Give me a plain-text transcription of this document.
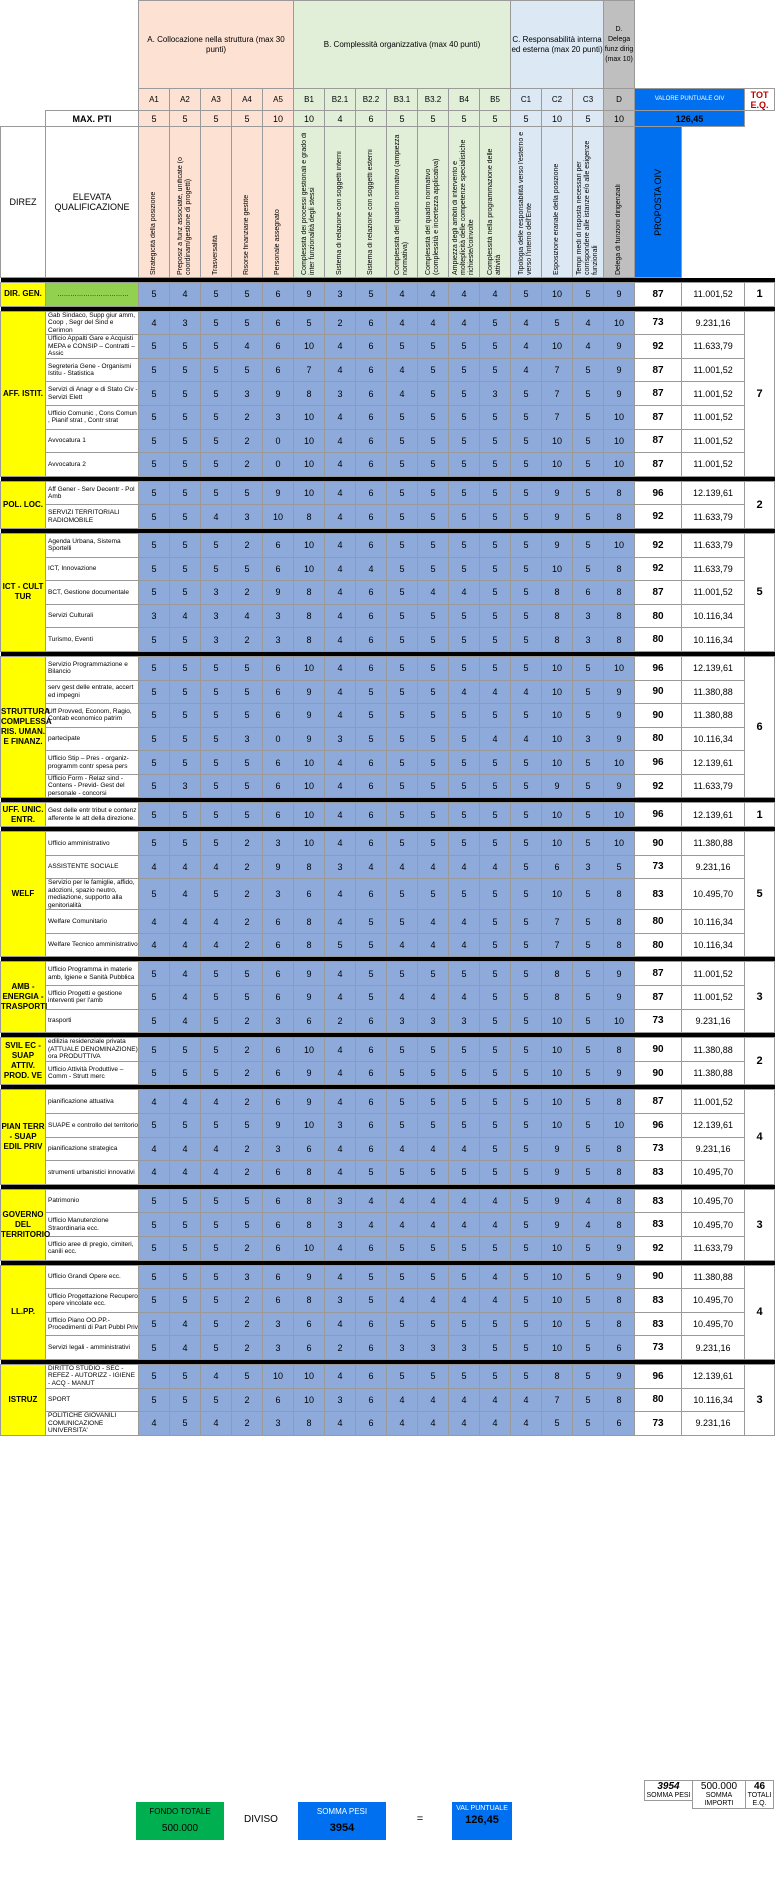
		A. Collocazione nella struttura (max 30 punti)					B. Complessità organizzativa (max 40 punti)							C. Responsabilità interna ed esterna (max 20 punti)			D. Delega funz dirig (max 10)			
		A1	A2	A3	A4	A5	B1	B2.1	B2.2	B3.1	B3.2	B4	B5	C1	C2	C3	D	VALORE PUNTUALE OIV		TOT E.Q.
	MAX. PTI	5	5	5	5	10	10	4	6	5	5	5	5	5	10	5	10	126,45		
DIREZ	ELEVATA QUALIFICAZIONE	Strategicità della posizione	Preposiz a funz associate, unificate (o coordinam/gestione di progetti)	Trasversalità	Risorse finanziarie gestite	Personale assegnato	Complessità dei processi gestionali e grado di inter funzionalità degli stessi	Sistema di relazione con soggetti interni	Sistema di relazione con soggetti esterni	Complessità del quadro normativo (ampiezza normativa)	Complessità del quadro normativo (complessità e incertezza applicativa)	Ampiezza degli ambiti di intervento e molteplicità delle competenze specialistiche richieste/coinvolte	Complessità nella programmazione delle attività	Tipologia delle responsabilità verso l'esterno e verso l'interno dell'Ente	Esposizione erariale della posizione	Tempi medi di risposta necessari per corrispondere alle istanze e/o alle esigenze funzionali	Delega di funzioni dirigenziali	PROPOSTA OIV		

DIR. GEN.	……………………………	5	4	5	5	6	9	3	5	4	4	4	4	5	10	5	9	87	11.001,52	1

AFF. ISTIT.	Gab Sindaco, Supp giur amm, Coop , Segr del Sind e Cerimon	4	3	5	5	6	5	2	6	4	4	4	5	4	5	4	10	73	9.231,16	7
	Ufficio Appalti Gare e Acquisti MEPA e CONSIP – Contratti – Assic	5	5	5	4	6	10	4	6	5	5	5	5	4	10	4	9	92	11.633,79	
	Segreteria Gene - Organismi Istitu - Statistica	5	5	5	5	6	7	4	6	4	5	5	5	4	7	5	9	87	11.001,52	
	Servizi di Anagr e di Stato Civ - Servizi Elett	5	5	5	3	9	8	3	6	4	5	5	3	5	7	5	9	87	11.001,52	
	Ufficio Comunic , Cons Comun , Pianif strat , Contr strat	5	5	5	2	3	10	4	6	5	5	5	5	5	7	5	10	87	11.001,52	
	Avvocatura 1	5	5	5	2	0	10	4	6	5	5	5	5	5	10	5	10	87	11.001,52	
	Avvocatura 2	5	5	5	2	0	10	4	6	5	5	5	5	5	10	5	10	87	11.001,52	

POL. LOC.	Aff Gener - Serv Decentr - Pol Amb	5	5	5	5	9	10	4	6	5	5	5	5	5	9	5	8	96	12.139,61	2
	SERVIZI TERRITORIALI RADIOMOBILE	5	5	4	3	10	8	4	6	5	5	5	5	5	9	5	8	92	11.633,79	

ICT - CULT TUR	Agenda Urbana, Sistema Sportelli	5	5	5	2	6	10	4	6	5	5	5	5	5	9	5	10	92	11.633,79	5
	ICT, Innovazione	5	5	5	5	6	10	4	4	5	5	5	5	5	10	5	8	92	11.633,79	
	BCT, Gestione documentale	5	5	3	2	9	8	4	6	5	4	4	5	5	8	6	8	87	11.001,52	
	Servizi Culturali	3	4	3	4	3	8	4	6	5	5	5	5	5	8	3	8	80	10.116,34	
	Turismo, Eventi	5	5	3	2	3	8	4	6	5	5	5	5	5	8	3	8	80	10.116,34	

STRUTTURA COMPLESSA RIS. UMAN. E FINANZ.	Servizio Programmazione e Bilancio	5	5	5	5	6	10	4	6	5	5	5	5	5	10	5	10	96	12.139,61	6
	serv gest delle entrate, accert ed impegni	5	5	5	5	6	9	4	5	5	5	4	4	4	10	5	9	90	11.380,88	
	Uff Provved, Econom, Ragio, Contab economico patrim	5	5	5	5	6	9	4	5	5	5	5	5	5	10	5	9	90	11.380,88	
	partecipate	5	5	5	3	0	9	3	5	5	5	5	4	4	10	3	9	80	10.116,34	
	Ufficio Stip – Pres - organiz-programm contr spesa pers	5	5	5	5	6	10	4	6	5	5	5	5	5	10	5	10	96	12.139,61	
	Ufficio Form - Relaz sind - Contens - Previd- Gest del personale - concorsi	5	3	5	5	6	10	4	6	5	5	5	5	5	9	5	9	92	11.633,79	

UFF. UNIC. ENTR.	Gest delle entr tribut e contenz afferente le att della direzione.	5	5	5	5	6	10	4	6	5	5	5	5	5	10	5	10	96	12.139,61	1

WELF	Ufficio amministrativo	5	5	5	2	3	10	4	6	5	5	5	5	5	10	5	10	90	11.380,88	5
	ASSISTENTE SOCIALE	4	4	4	2	9	8	3	4	4	4	4	4	5	6	3	5	73	9.231,16	
	Servizio per le famiglie, affido, adozioni, spazio neutro, mediazione, supporto alla genitorialità	5	4	5	2	3	6	4	6	5	5	5	5	5	10	5	8	83	10.495,70	
	Welfare Comunitario	4	4	4	2	6	8	4	5	5	4	4	5	5	7	5	8	80	10.116,34	
	Welfare Tecnico amministrativo	4	4	4	2	6	8	5	5	4	4	4	5	5	7	5	8	80	10.116,34	

AMB - ENERGIA - TRASPORTI	Ufficio Programma in materie amb, Igiene e Sanità Pubblica	5	4	5	5	6	9	4	5	5	5	5	5	5	8	5	9	87	11.001,52	3
	Ufficio Progetti e gestione interventi per l'amb	5	4	5	5	6	9	4	5	4	4	4	5	5	8	5	9	87	11.001,52	
	trasporti	5	4	5	2	3	6	2	6	3	3	3	5	5	10	5	10	73	9.231,16	

SVIL EC - SUAP ATTIV. PROD. VE	edilizia residenziale privata (ATTUALE DENOMINAZIONE) ora PRODUTTIVA	5	5	5	2	6	10	4	6	5	5	5	5	5	10	5	8	90	11.380,88	2
	Ufficio Attività Produttive – Comm - Strutt merc	5	5	5	2	6	9	4	6	5	5	5	5	5	10	5	9	90	11.380,88	

PIAN TERR - SUAP EDIL PRIV	pianificazione attuativa	4	4	4	2	6	9	4	6	5	5	5	5	5	10	5	8	87	11.001,52	4
	SUAPE e controllo del territorio	5	5	5	5	9	10	3	6	5	5	5	5	5	10	5	10	96	12.139,61	
	pianificazione strategica	4	4	4	2	3	6	4	6	4	4	4	5	5	9	5	8	73	9.231,16	
	strumenti urbanistici innovativi	4	4	4	2	6	8	4	5	5	5	5	5	5	9	5	8	83	10.495,70	

GOVERNO DEL TERRITORIO	Patrimonio	5	5	5	5	6	8	3	4	4	4	4	4	5	9	4	8	83	10.495,70	3
	Ufficio Manutenzione Straordinaria ecc.	5	5	5	5	6	8	3	4	4	4	4	4	5	9	4	8	83	10.495,70	
	Ufficio aree di pregio, cimiteri, canili ecc.	5	5	5	2	6	10	4	6	5	5	5	5	5	10	5	9	92	11.633,79	

LL.PP.	Ufficio Grandi Opere ecc.	5	5	5	3	6	9	4	5	5	5	5	4	5	10	5	9	90	11.380,88	4
	Ufficio Progettazione Recupero opere vincolate ecc.	5	5	5	2	6	8	3	5	4	4	4	4	5	10	5	8	83	10.495,70	
	Ufficio Piano OO.PP.- Procedimenti di Part Pubbl Priv	5	4	5	2	3	6	4	6	5	5	5	5	5	10	5	8	83	10.495,70	
	Servizi legali - amministrativi	5	4	5	2	3	6	2	6	3	3	3	5	5	10	5	6	73	9.231,16	

ISTRUZ	DIRITTO STUDIO - SEC - REFEZ - AUTORIZZ - IGIENE - ACQ - MANUT	5	5	4	5	10	10	4	6	5	5	5	5	5	8	5	9	96	12.139,61	3
	SPORT	5	5	5	2	6	10	3	6	4	4	4	4	4	7	5	8	80	10.116,34	
	POLITICHE GIOVANILI COMUNICAZIONE UNIVERSITA'	4	5	4	2	3	8	4	6	4	4	4	4	4	5	5	6	73	9.231,16	
FONDO TOTALE
500.000
DIVISO
SOMMA PESI
3954
=
VAL PUNTUALE
126,45
3954
SOMMA PESI
500.000
SOMMA IMPORTI
46
TOTALI E.Q.
